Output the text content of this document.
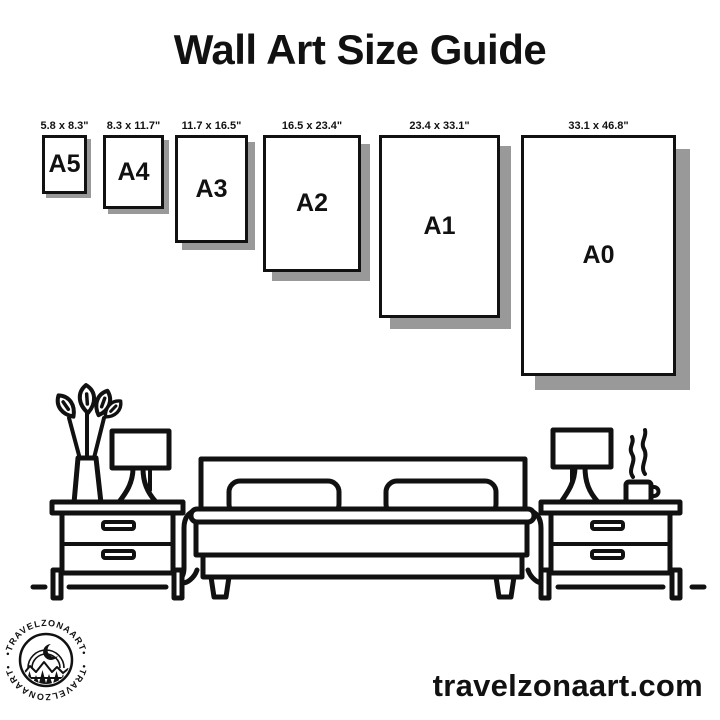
Wall Art Size Guide
5.8 x 8.3"
A5
8.3 x 11.7"
A4
11.7 x 16.5"
A3
16.5 x 23.4"
A2
23.4 x 33.1"
A1
33.1 x 46.8"
A0
•TRAVELZONAART•
•TRAVELZONAART•
travelzonaart.com
